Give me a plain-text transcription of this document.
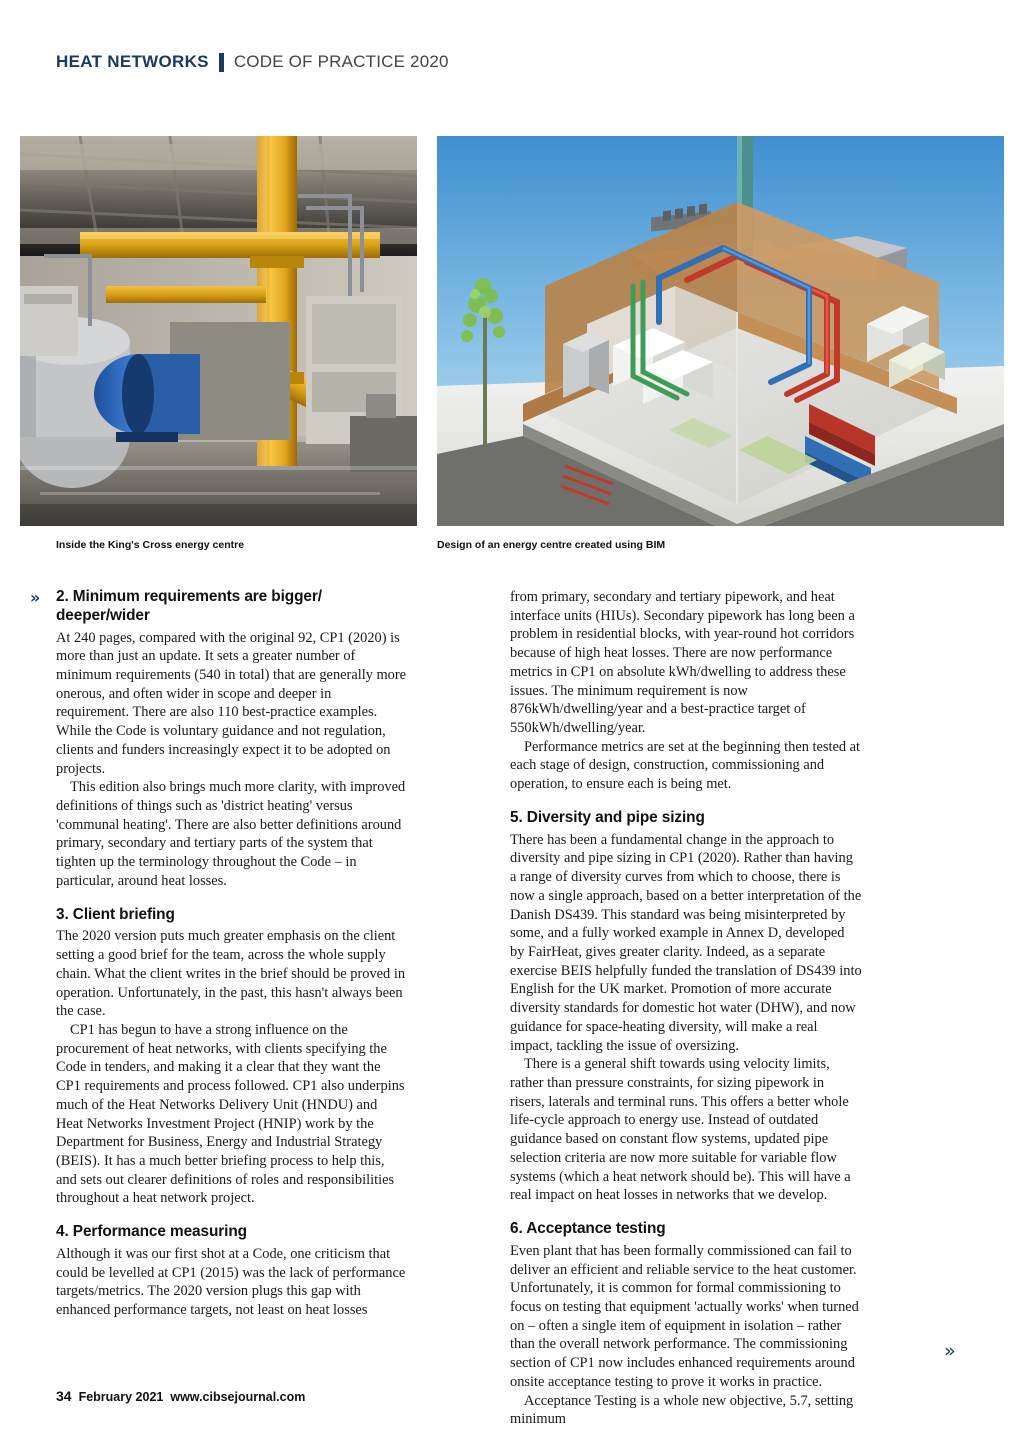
HEAT NETWORKS CODE OF PRACTICE 2020
Inside the King's Cross energy centre	Design of an energy centre created using BIM
» 2. Minimum requirements are bigger/ deeper/wider

At 240 pages, compared with the original 92, CP1 (2020) is more than just an update. It sets a greater number of minimum requirements (540 in total) that are generally more onerous, and often wider in scope and deeper in requirement. There are also 110 best-practice examples. While the Code is voluntary guidance and not regulation, clients and funders increasingly expect it to be adopted on projects.

This edition also brings much more clarity, with improved definitions of things such as 'district heating' versus 'communal heating'. There are also better definitions around primary, secondary and tertiary parts of the system that tighten up the terminology throughout the Code – in particular, around heat losses.

3. Client briefing

The 2020 version puts much greater emphasis on the client setting a good brief for the team, across the whole supply chain. What the client writes in the brief should be proved in operation. Unfortunately, in the past, this hasn't always been the case.

CP1 has begun to have a strong influence on the procurement of heat networks, with clients specifying the Code in tenders, and making it a clear that they want the CP1 requirements and process followed. CP1 also underpins much of the Heat Networks Delivery Unit (HNDU) and Heat Networks Investment Project (HNIP) work by the Department for Business, Energy and Industrial Strategy (BEIS). It has a much better briefing process to help this, and sets out clearer definitions of roles and responsibilities throughout a heat network project.

4. Performance measuring

Although it was our first shot at a Code, one criticism that could be levelled at CP1 (2015) was the lack of performance targets/metrics. The 2020 version plugs this gap with enhanced performance targets, not least on heat losses

from primary, secondary and tertiary pipework, and heat interface units (HIUs). Secondary pipework has long been a problem in residential blocks, with year-round hot corridors because of high heat losses. There are now performance metrics in CP1 on absolute kWh/dwelling to address these issues. The minimum requirement is now 876kWh/dwelling/year and a best-practice target of 550kWh/dwelling/year.

Performance metrics are set at the beginning then tested at each stage of design, construction, commissioning and operation, to ensure each is being met.

5. Diversity and pipe sizing

There has been a fundamental change in the approach to diversity and pipe sizing in CP1 (2020). Rather than having a range of diversity curves from which to choose, there is now a single approach, based on a better interpretation of the Danish DS439. This standard was being misinterpreted by some, and a fully worked example in Annex D, developed by FairHeat, gives greater clarity. Indeed, as a separate exercise BEIS helpfully funded the translation of DS439 into English for the UK market. Promotion of more accurate diversity standards for domestic hot water (DHW), and now guidance for space-heating diversity, will make a real impact, tackling the issue of oversizing.

There is a general shift towards using velocity limits, rather than pressure constraints, for sizing pipework in risers, laterals and terminal runs. This offers a better whole life-cycle approach to energy use. Instead of outdated guidance based on constant flow systems, updated pipe selection criteria are now more suitable for variable flow systems (which a heat network should be). This will have a real impact on heat losses in networks that we develop.

6. Acceptance testing

Even plant that has been formally commissioned can fail to deliver an efficient and reliable service to the heat customer. Unfortunately, it is common for formal commissioning to focus on testing that equipment 'actually works' when turned on – often a single item of equipment in isolation – rather than the overall network performance. The commissioning section of CP1 now includes enhanced requirements around onsite acceptance testing to prove it works in practice.

Acceptance Testing is a whole new objective, 5.7, setting minimum

»
34 February 2021 www.cibsejournal.com
